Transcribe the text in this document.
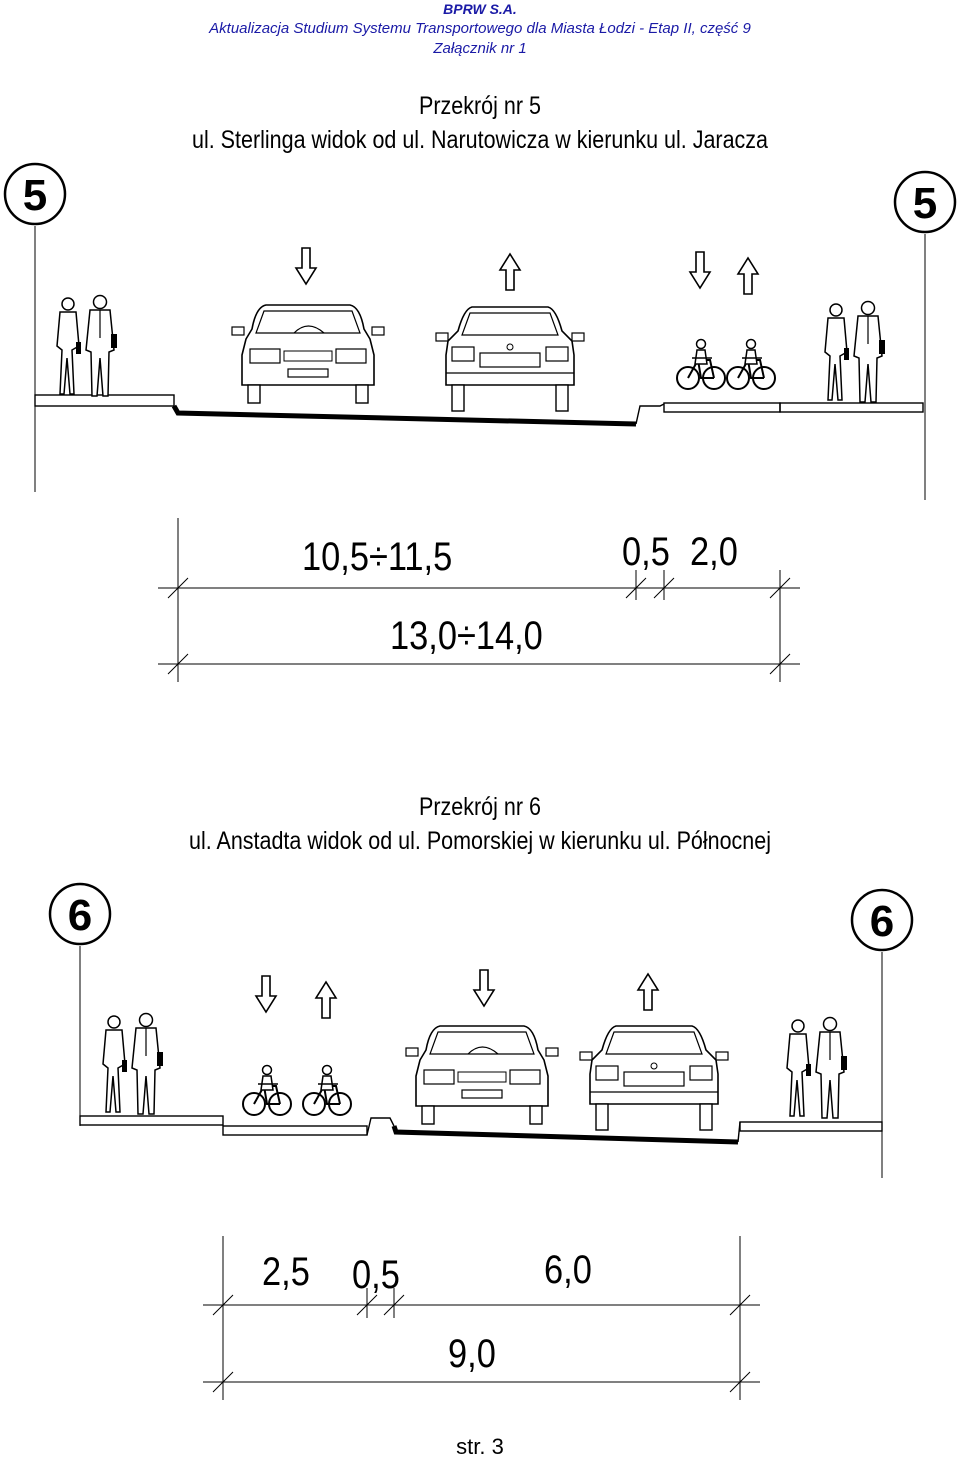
BPRW S.A.
Aktualizacja Studium Systemu Transportowego dla Miasta Łodzi - Etap II, część 9
Załącznik nr 1
Przekrój nr 5
ul. Sterlinga widok od ul. Narutowicza w kierunku ul. Jaracza
Przekrój nr 6
ul. Anstadta widok od ul. Pomorskiej w kierunku ul. Północnej
5	5
6	6
10,5÷11,5	0,5 2,0
13,0÷14,0
2,5 0,5	6,0
9,0
str. 3
